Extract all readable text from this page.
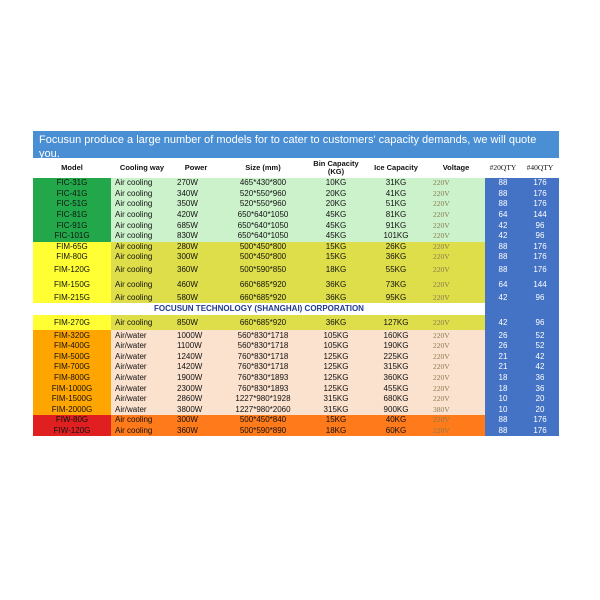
Focusun produce a large number of models for to cater to customers' capacity demands, we will quote you.
Model	Cooling way	Power	Size (mm)	Bin Capacity (KG)	Ice Capacity	Voltage	#20QTY	#40QTY
FIC-31G	Air cooling	270W	465*430*800	10KG	31KG	220V	88	176
FIC-41G	Air cooling	340W	520*550*960	20KG	41KG	220V	88	176
FIC-51G	Air cooling	350W	520*550*960	20KG	51KG	220V	88	176
FIC-81G	Air cooling	420W	650*640*1050	45KG	81KG	220V	64	144
FIC-91G	Air cooling	685W	650*640*1050	45KG	91KG	220V	42	96
FIC-101G	Air cooling	830W	650*640*1050	45KG	101KG	220V	42	96
FIM-65G	Air cooling	280W	500*450*800	15KG	26KG	220V	88	176
FIM-80G	Air cooling	300W	500*450*800	15KG	36KG	220V	88	176
FIM-120G	Air cooling	360W	500*590*850	18KG	55KG	220V	88	176
FIM-150G	Air cooling	460W	660*685*920	36KG	73KG	220V	64	144
FIM-215G	Air cooling	580W	660*685*920	36KG	95KG	220V	42	96
FOCUSUN TECHNOLOGY (SHANGHAI) CORPORATION								
FIM-270G	Air cooling	850W	660*685*920	36KG	127KG	220V	42	96
FIM-320G	Air/water	1000W	560*830*1718	105KG	160KG	220V	26	52
FIM-400G	Air/water	1100W	560*830*1718	105KG	190KG	220V	26	52
FIM-500G	Air/water	1240W	760*830*1718	125KG	225KG	220V	21	42
FIM-700G	Air/water	1420W	760*830*1718	125KG	315KG	220V	21	42
FIM-800G	Air/water	1900W	760*830*1893	125KG	360KG	220V	18	36
FIM-1000G	Air/water	2300W	760*830*1893	125KG	455KG	220V	18	36
FIM-1500G	Air/water	2860W	1227*980*1928	315KG	680KG	220V	10	20
FIM-2000G	Air/water	3800W	1227*980*2060	315KG	900KG	380V	10	20
FIW-80G	Air cooling	300W	500*450*840	15KG	40KG	220V	88	176
FIW-120G	Air cooling	360W	500*590*890	18KG	60KG	220V	88	176
